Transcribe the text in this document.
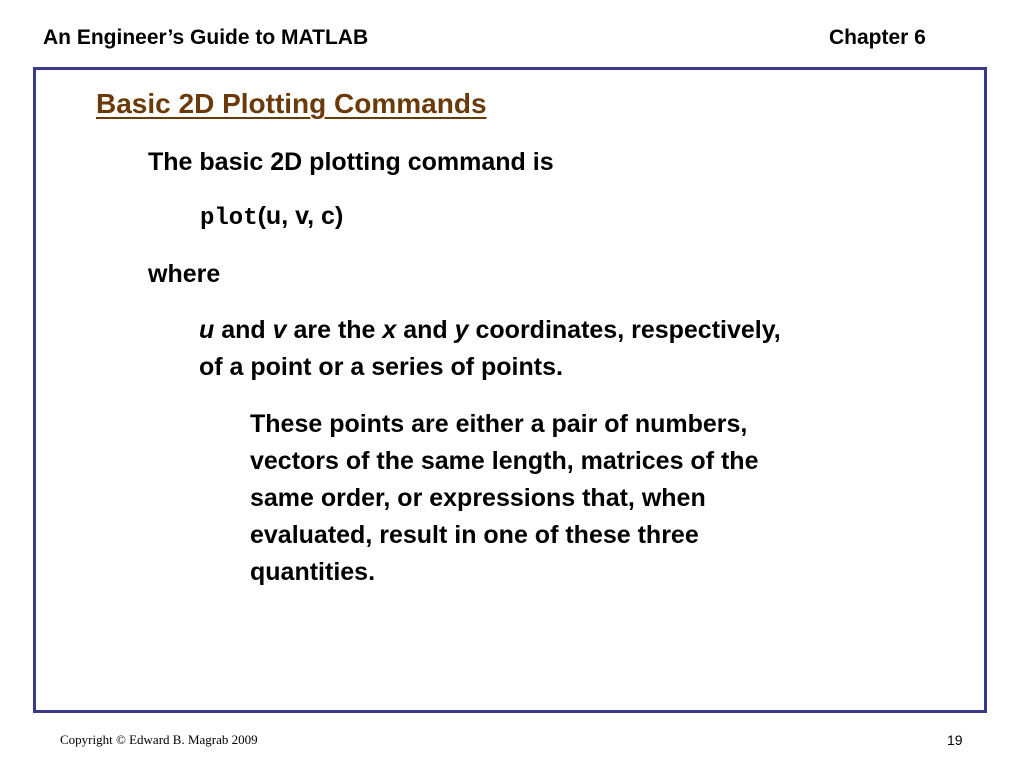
An Engineer’s Guide to MATLAB	Chapter 6
Basic 2D Plotting Commands
The basic 2D plotting command is
plot(u, v, c)
where
u and v are the x and y coordinates, respectively,
of a point or a series of points.
These points are either a pair of numbers,
vectors of the same length, matrices of the
same order, or expressions that, when
evaluated, result in one of these three
quantities.
Copyright © Edward B. Magrab 2009	19
